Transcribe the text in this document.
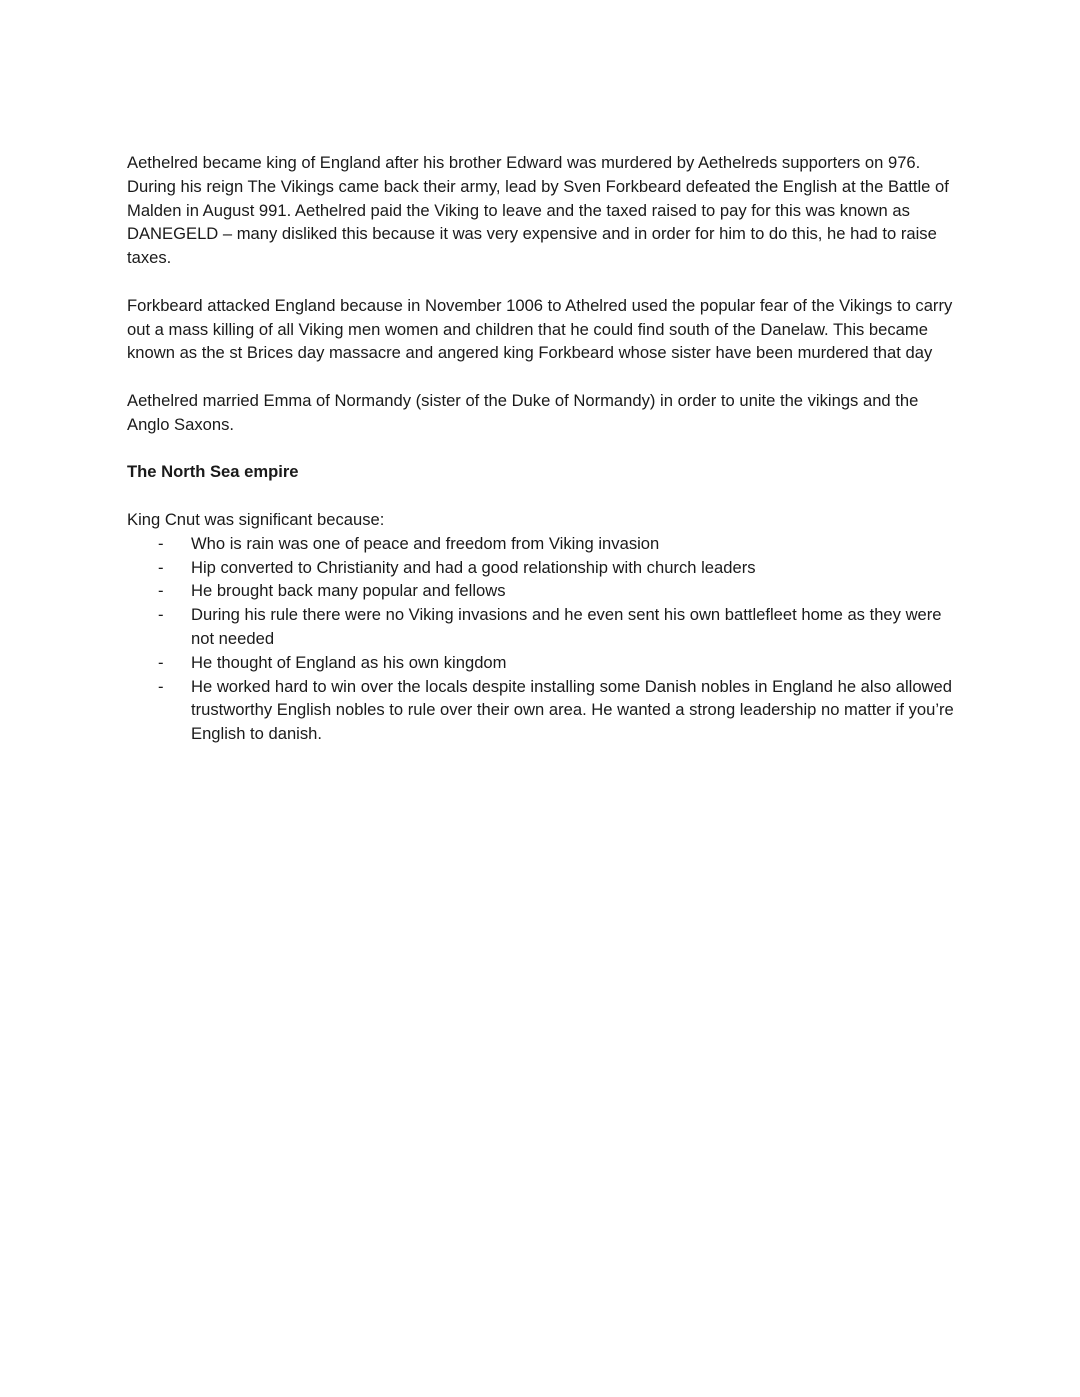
Aethelred became king of England after his brother Edward was murdered by Aethelreds supporters on 976. During his reign The Vikings came back their army, lead by Sven Forkbeard defeated the English at the Battle of Malden in August 991. Aethelred paid the Viking to leave and the taxed raised to pay for this was known as DANEGELD – many disliked this because it was very expensive and in order for him to do this, he had to raise taxes.

Forkbeard attacked England because in November 1006 to Athelred used the popular fear of the Vikings to carry out a mass killing of all Viking men women and children that he could find south of the Danelaw. This became known as the st Brices day massacre and angered king Forkbeard whose sister have been murdered that day

Aethelred married Emma of Normandy (sister of the Duke of Normandy) in order to unite the vikings and the Anglo Saxons.

The North Sea empire

King Cnut was significant because:

- Who is rain was one of peace and freedom from Viking invasion
- Hip converted to Christianity and had a good relationship with church leaders
- He brought back many popular and fellows
- During his rule there were no Viking invasions and he even sent his own battlefleet home as they were not needed
- He thought of England as his own kingdom
- He worked hard to win over the locals despite installing some Danish nobles in England he also allowed trustworthy English nobles to rule over their own area. He wanted a strong leadership no matter if you’re English to danish.
